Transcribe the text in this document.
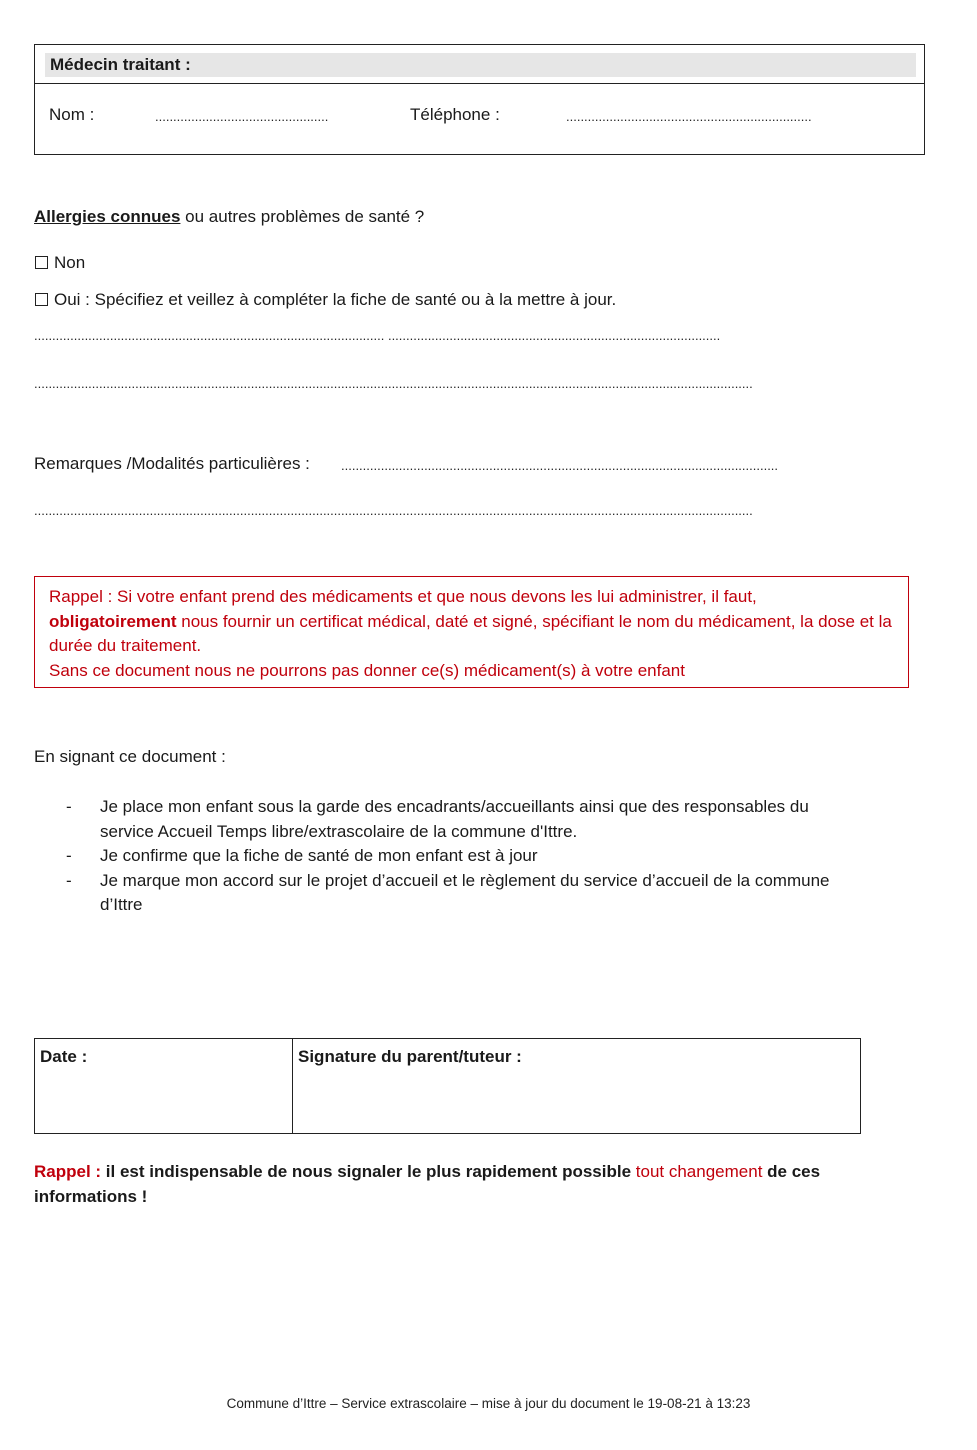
Médecin traitant :
Nom :	................................................	Téléphone :	....................................................................
Allergies connues ou autres problèmes de santé ?
Non
Oui : Spécifiez et veillez à compléter la fiche de santé ou à la mettre à jour.
................................................................................................. ............................................................................................
.......................................................................................................................................................................................................
Remarques /Modalités particulières : .........................................................................................................................
.......................................................................................................................................................................................................
Rappel : Si votre enfant prend des médicaments et que nous devons les lui administrer, il faut,
obligatoirement nous fournir un certificat médical, daté et signé, spécifiant le nom du médicament, la dose et la durée du traitement.
Sans ce document nous ne pourrons pas donner ce(s) médicament(s) à votre enfant
En signant ce document :
- Je place mon enfant sous la garde des encadrants/accueillants ainsi que des responsables du service Accueil Temps libre/extrascolaire de la commune d'Ittre.
- Je confirme que la fiche de santé de mon enfant est à jour
- Je marque mon accord sur le projet d’accueil et le règlement du service d’accueil de la commune d’Ittre
Date :	Signature du parent/tuteur :
Rappel : il est indispensable de nous signaler le plus rapidement possible tout changement de ces informations !
Commune d’Ittre – Service extrascolaire – mise à jour du document le 19-08-21 à 13:23
